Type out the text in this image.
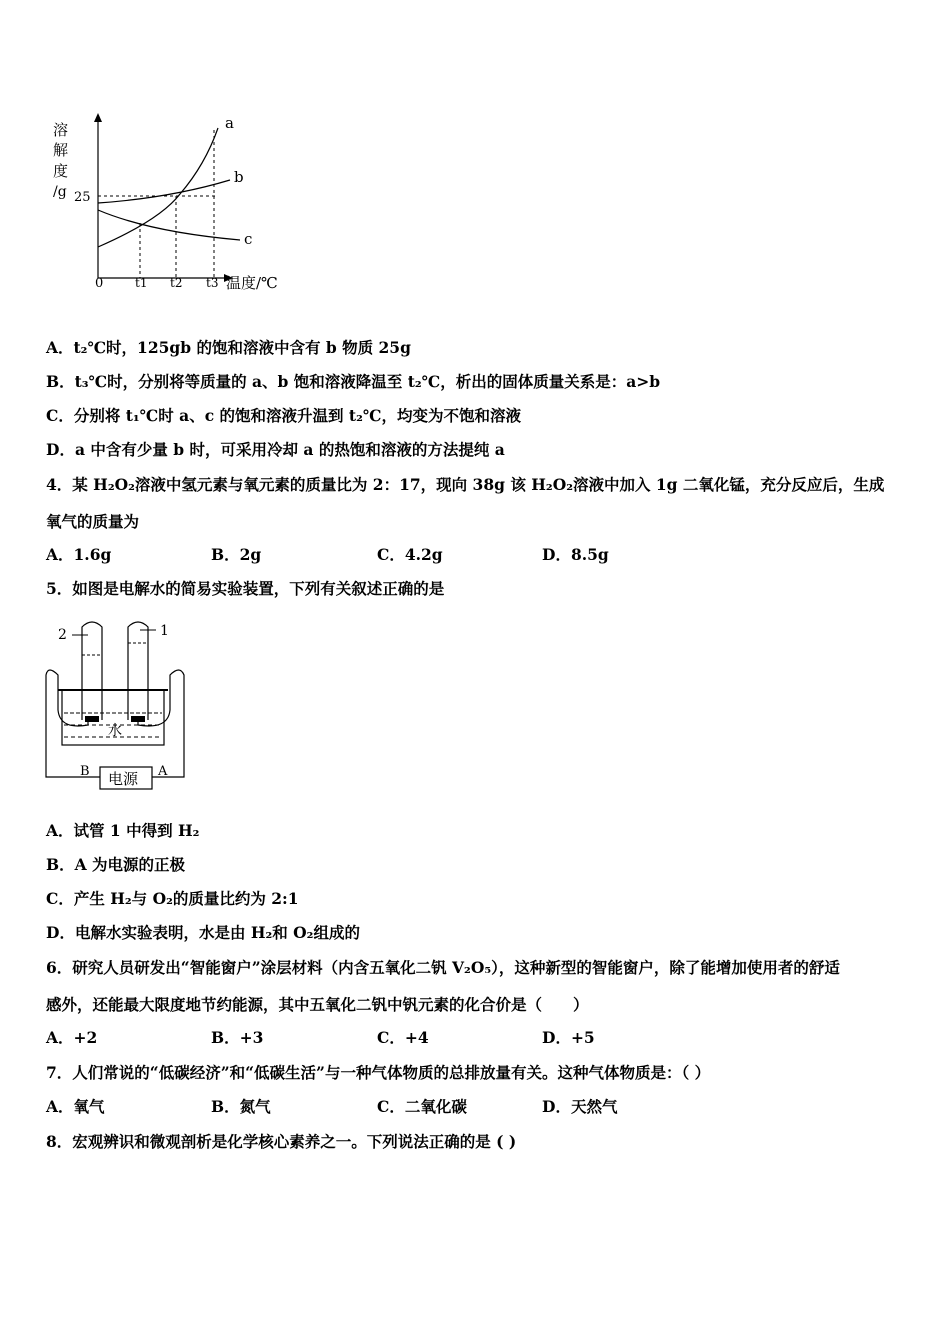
溶
解
度
/g 25
0	t1 t2 t3 温度/℃
a
b
c
A．t₂℃时，125gb 的饱和溶液中含有 b 物质 25g
B．t₃℃时，分别将等质量的 a、b 饱和溶液降温至 t₂℃，析出的固体质量关系是：a>b
C．分别将 t₁℃时 a、c 的饱和溶液升温到 t₂℃，均变为不饱和溶液
D．a 中含有少量 b 时，可采用冷却 a 的热饱和溶液的方法提纯 a
4．某 H₂O₂溶液中氢元素与氧元素的质量比为 2：17，现向 38g 该 H₂O₂溶液中加入 1g 二氧化锰，充分反应后，生成
氧气的质量为
A．1.6g	B．2g	C．4.2g	D．8.5g
5．如图是电解水的简易实验装置，下列有关叙述正确的是
水
2	1
电源
B	A
A．试管 1 中得到 H₂
B．A 为电源的正极
C．产生 H₂与 O₂的质量比约为 2:1
D．电解水实验表明，水是由 H₂和 O₂组成的
6．研究人员研发出“智能窗户”涂层材料（内含五氧化二钒 V₂O₅），这种新型的智能窗户，除了能增加使用者的舒适
感外，还能最大限度地节约能源，其中五氧化二钒中钒元素的化合价是（　　）
A．+2	B．+3	C．+4	D．+5
7．人们常说的“低碳经济”和“低碳生活”与一种气体物质的总排放量有关。这种气体物质是：（ ）
A．氧气	B．氮气	C．二氧化碳	D．天然气
8．宏观辨识和微观剖析是化学核心素养之一。下列说法正确的是 ( )
